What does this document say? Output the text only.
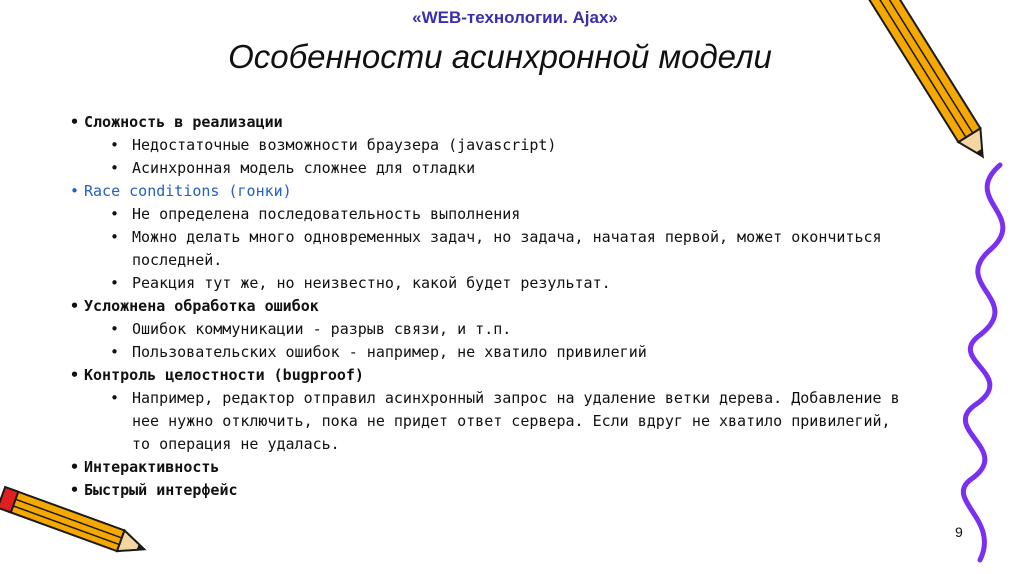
«WEB-технологии. Ajax»
Особенности асинхронной модели
• Сложность в реализации
• Недостаточные возможности браузера (javascript)
• Асинхронная модель сложнее для отладки
• Race conditions (гонки)
• Не определена последовательность выполнения
• Можно делать много одновременных задач, но задача, начатая первой, может окончиться последней.
• Реакция тут же, но неизвестно, какой будет результат.
• Усложнена обработка ошибок
• Ошибок коммуникации - разрыв связи, и т.п.
• Пользовательских ошибок - например, не хватило привилегий
• Контроль целостности (bugproof)
• Например, редактор отправил асинхронный запрос на удаление ветки дерева. Добавление в нее нужно отключить, пока не придет ответ сервера. Если вдруг не хватило привилегий, то операция не удалась.
• Интерактивность
• Быстрый интерфейс
9
